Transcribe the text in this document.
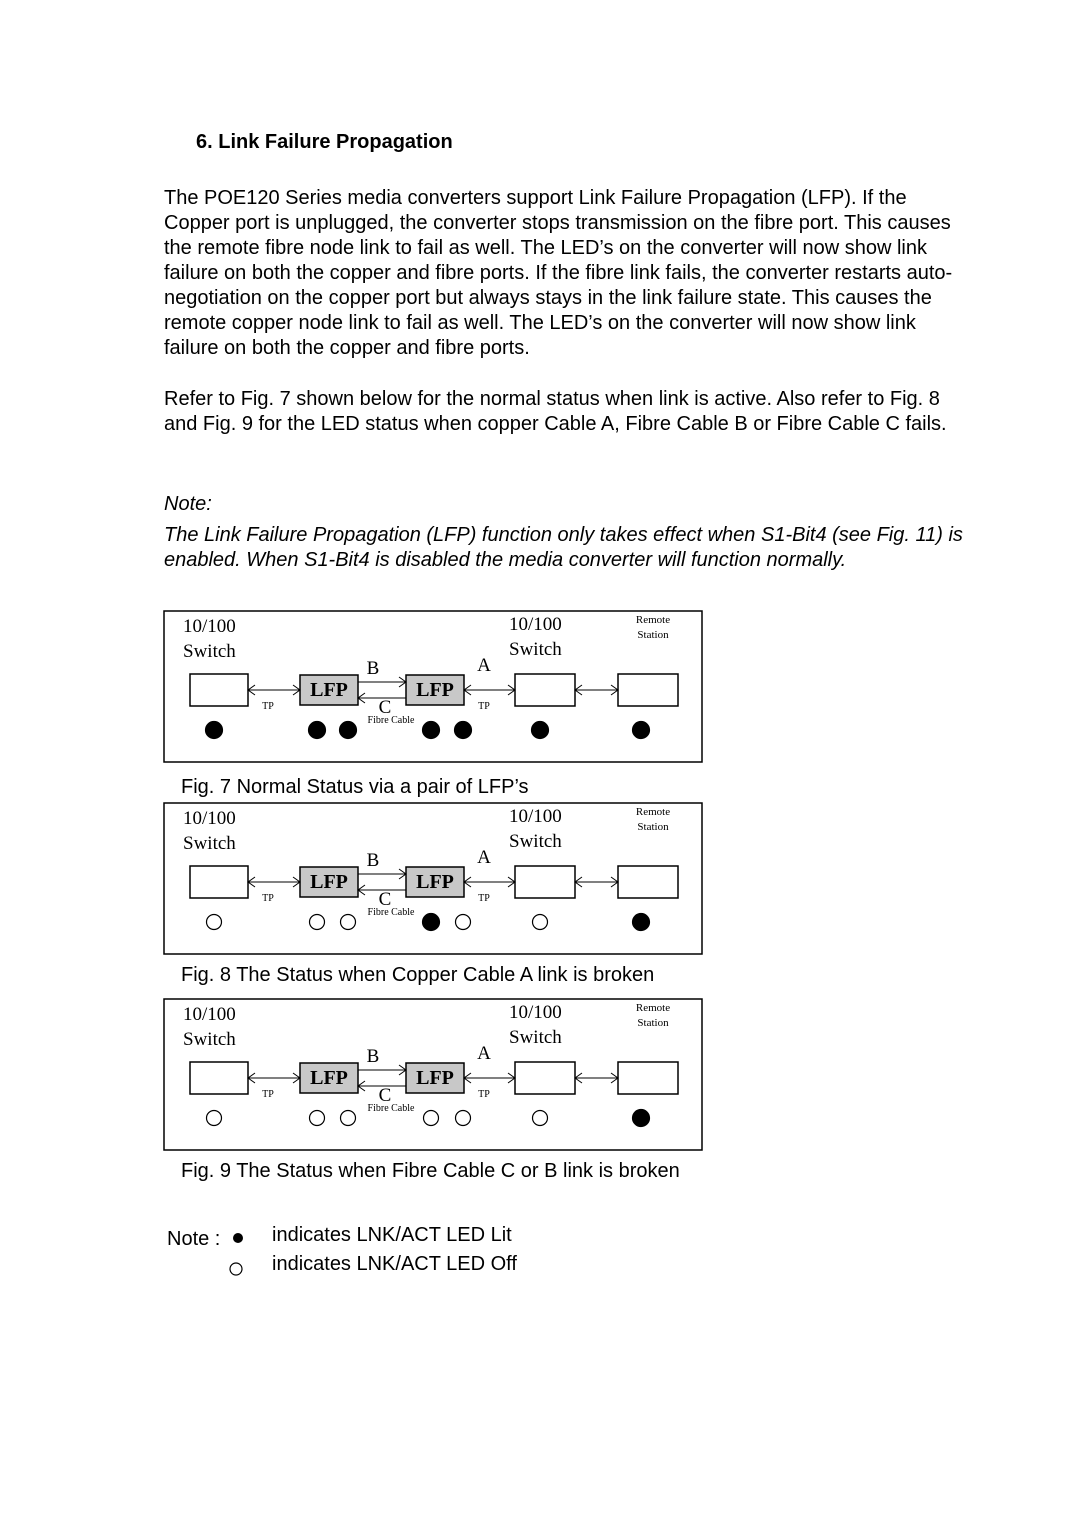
6. Link Failure Propagation

The POE120 Series media converters support Link Failure Propagation (LFP). If the Copper port is unplugged, the converter stops transmission on the fibre port. This causes the remote fibre node link to fail as well. The LED’s on the converter will now show link failure on both the copper and fibre ports. If the fibre link fails, the converter restarts auto-negotiation on the copper port but always stays in the link failure state. This causes the remote copper node link to fail as well. The LED’s on the converter will now show link failure on both the copper and fibre ports.

Refer to Fig. 7 shown below for the normal status when link is active. Also refer to Fig. 8 and Fig. 9 for the LED status when copper Cable A, Fibre Cable B or Fibre Cable C fails.

Note:

The Link Failure Propagation (LFP) function only takes effect when S1-Bit4 (see Fig. 11) is enabled. When S1-Bit4 is disabled the media converter will function normally.

10/100
Switch
10/100
Switch
Remote
Station
B	A
C
Fibre Cable
TP	TP
LFP	LFP

Fig. 7 Normal Status via a pair of LFP’s

10/100
Switch
10/100
Switch
Remote
Station
B	A
C
Fibre Cable
TP	TP
LFP	LFP

Fig. 8 The Status when Copper Cable A link is broken

10/100
Switch
10/100
Switch
Remote
Station
B	A
C
Fibre Cable
TP	TP
LFP	LFP

Fig. 9 The Status when Fibre Cable C or B link is broken

Note :	indicates LNK/ACT LED Lit
indicates LNK/ACT LED Off
